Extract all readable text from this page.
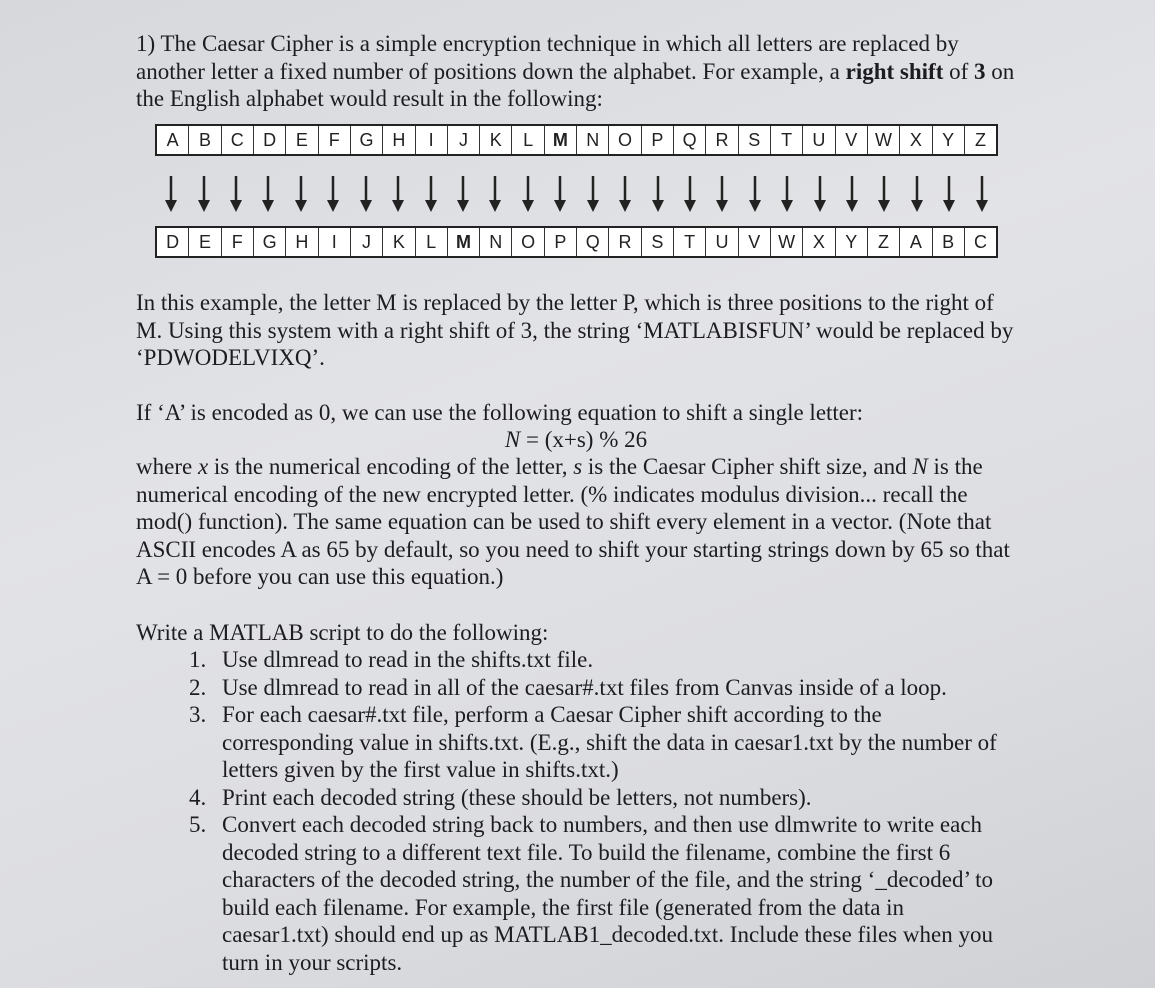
1) The Caesar Cipher is a simple encryption technique in which all letters are replaced by another letter a fixed number of positions down the alphabet. For example, a right shift of 3 on the English alphabet would result in the following:

A	B	C	D	E	F	G	H	I	J	K	L	M	N	O	P	Q	R	S	T	U	V W X	Y	Z
D	E	F	G	H	I	J	K	L	M	N	O	P	Q	R	S	T	U	V W X	Y	Z	A	B	C

In this example, the letter M is replaced by the letter P, which is three positions to the right of M. Using this system with a right shift of 3, the string ‘MATLABISFUN’ would be replaced by ‘PDWODELVIXQ’.

If ‘A’ is encoded as 0, we can use the following equation to shift a single letter:

N = (x+s) % 26

where x is the numerical encoding of the letter, s is the Caesar Cipher shift size, and N is the numerical encoding of the new encrypted letter. (% indicates modulus division... recall the mod() function). The same equation can be used to shift every element in a vector. (Note that ASCII encodes A as 65 by default, so you need to shift your starting strings down by 65 so that A = 0 before you can use this equation.)

Write a MATLAB script to do the following:

1. Use dlmread to read in the shifts.txt file.
2. Use dlmread to read in all of the caesar#.txt files from Canvas inside of a loop.
3. For each caesar#.txt file, perform a Caesar Cipher shift according to the corresponding value in shifts.txt. (E.g., shift the data in caesar1.txt by the number of letters given by the first value in shifts.txt.)
4. Print each decoded string (these should be letters, not numbers).
5. Convert each decoded string back to numbers, and then use dlmwrite to write each decoded string to a different text file. To build the filename, combine the first 6 characters of the decoded string, the number of the file, and the string ‘_decoded’ to build each filename. For example, the first file (generated from the data in caesar1.txt) should end up as MATLAB1_decoded.txt. Include these files when you turn in your scripts.
